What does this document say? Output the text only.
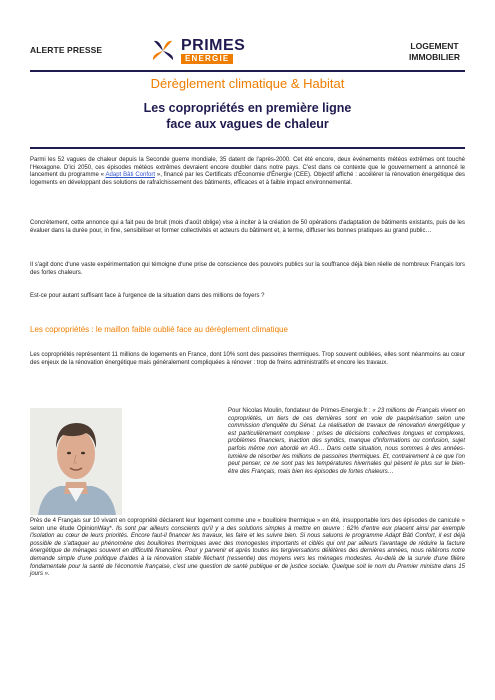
ALERTE PRESSE	PRIMES
ENERGIE
LOGEMENT
IMMOBILIER
Dérèglement climatique & Habitat
Les copropriétés en première ligne
face aux vagues de chaleur

Parmi les 52 vagues de chaleur depuis la Seconde guerre mondiale, 35 datent de l'après-2000. Cet été encore, deux événements météos extrêmes ont touché l'Hexagone. D'ici 2050, ces épisodes météos extrêmes devraient encore doubler dans notre pays. C'est dans ce contexte que le gouvernement a annoncé le lancement du programme « Adapt Bâti Confort », financé par les Certificats d'Économie d'Énergie (CEE). Objectif affiché : accélérer la rénovation énergétique des logements en développant des solutions de rafraîchissement des bâtiments, efficaces et à faible impact environnemental.

Concrètement, cette annonce qui a fait peu de bruit (mois d'août oblige) vise à inciter à la création de 50 opérations d'adaptation de bâtiments existants, puis de les évaluer dans la durée pour, in fine, sensibiliser et former collectivités et acteurs du bâtiment et, à terme, diffuser les bonnes pratiques au grand public…

Il s'agit donc d'une vaste expérimentation qui témoigne d'une prise de conscience des pouvoirs publics sur la souffrance déjà bien réelle de nombreux Français lors des fortes chaleurs.

Est-ce pour autant suffisant face à l'urgence de la situation dans des millions de foyers ?

Les copropriétés : le maillon faible oublié face au dérèglement climatique

Les copropriétés représentent 11 millions de logements en France, dont 10% sont des passoires thermiques. Trop souvent oubliées, elles sont néanmoins au cœur des enjeux de la rénovation énergétique mais généralement compliquées à rénover : trop de freins administratifs et encore les travaux.

Pour Nicolas Moulin, fondateur de Primes-Energie.fr : « 23 millions de Français vivent en copropriétés, un tiers de ces dernières sont en voie de paupérisation selon une commission d'enquête du Sénat. La réalisation de travaux de rénovation énergétique y est particulièrement complexe : prises de décisions collectives longues et complexes, problèmes financiers, inaction des syndics, manque d'informations ou confusion, sujet parfois même non abordé en AG… Dans cette situation, nous sommes à des années-lumière de résorber les millions de passoires thermiques. Et, contrairement à ce que l'on peut penser, ce ne sont pas les températures hivernales qui pèsent le plus sur le bien-être des Français, mais bien les épisodes de fortes chaleurs…
Près de 4 Français sur 10 vivant en copropriété déclarent leur logement comme une « bouilloire thermique » en été, insupportable lors des épisodes de canicule » selon une étude OpinionWay*. Ils sont par ailleurs conscients qu'il y a des solutions simples à mettre en œuvre : 62% d'entre eux placent ainsi par exemple l'isolation au cœur de leurs priorités. Encore faut-il financer les travaux, les faire et les suivre bien. Si nous saluons le programme Adapt Bâti Confort, il est déjà possible de s'attaquer au phénomène des bouilloires thermiques avec des monogestes importants et ciblés qui ont par ailleurs l'avantage de réduire la facture énergétique de ménages souvent en difficulté financière. Pour y parvenir et après toutes les tergiversations délétères des dernières années, nous réitérons notre demande simple d'une politique d'aides à la rénovation stable fléchant (ressentie) des moyens vers les ménages modestes. Au-delà de la survie d'une filière fondamentale pour la santé de l'économie française, c'est une question de santé publique et de justice sociale. Quelque soit le nom du Premier ministre dans 15 jours ».
